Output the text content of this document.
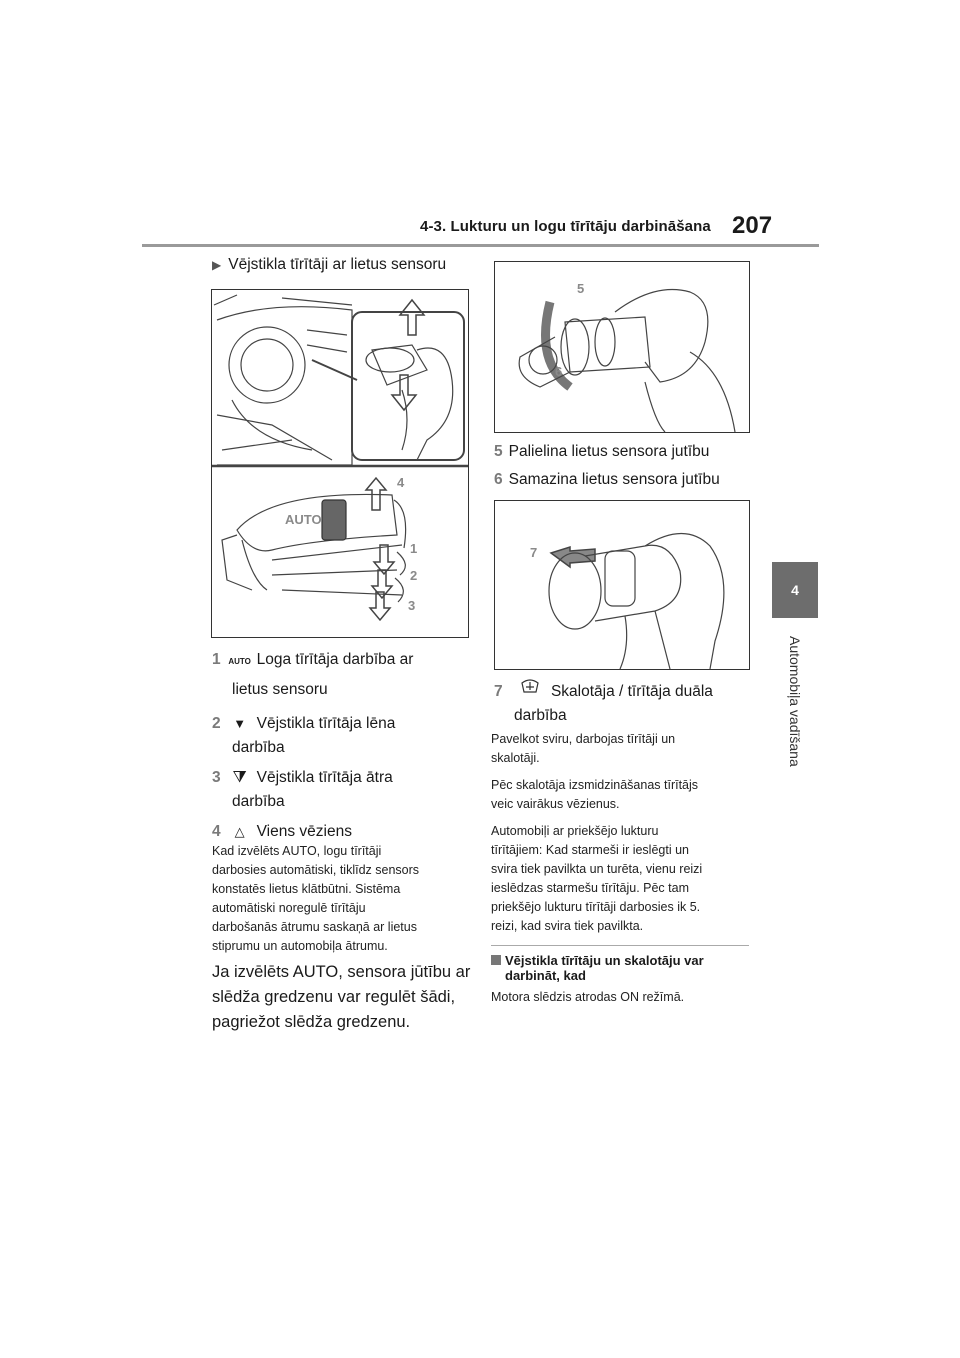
4-3. Lukturu un logu tīrītāju darbināšana 207
4
Automobiļa vadīšana
▶ Vējstikla tīrītāji ar lietus sensoru
AUTO
4
1
2
3
1 AUTO Loga tīrītāja darbība ar
lietus sensoru
2 ▼ Vējstikla tīrītāja lēna
darbība
3 ⧩ Vējstikla tīrītāja ātra
darbība
4 △ Viens vēziens
Kad izvēlēts AUTO, logu tīrītāji
darbosies automātiski, tiklīdz sensors
konstatēs lietus klātbūtni. Sistēma
automātiski noregulē tīrītāju
darbošanās ātrumu saskaņā ar lietus
stiprumu un automobiļa ātrumu.
Ja izvēlēts AUTO, sensora jūtību ar
slēdža gredzenu var regulēt šādi,
pagriežot slēdža gredzenu.
5
6
5 Palielina lietus sensora jutību
6 Samazina lietus sensora jutību
7
7	Skalotāja / tīrītāja duāla
darbība
Pavelkot sviru, darbojas tīrītāji un
skalotāji.
Pēc skalotāja izsmidzināšanas tīrītājs
veic vairākus vēzienus.
Automobiļi ar priekšējo lukturu
tīrītājiem: Kad starmeši ir ieslēgti un
svira tiek pavilkta un turēta, vienu reizi
ieslēdzas starmešu tīrītāju. Pēc tam
priekšējo lukturu tīrītāji darbosies ik 5.
reizi, kad svira tiek pavilkta.
Vējstikla tīrītāju un skalotāju var
darbināt, kad
Motora slēdzis atrodas ON režīmā.
